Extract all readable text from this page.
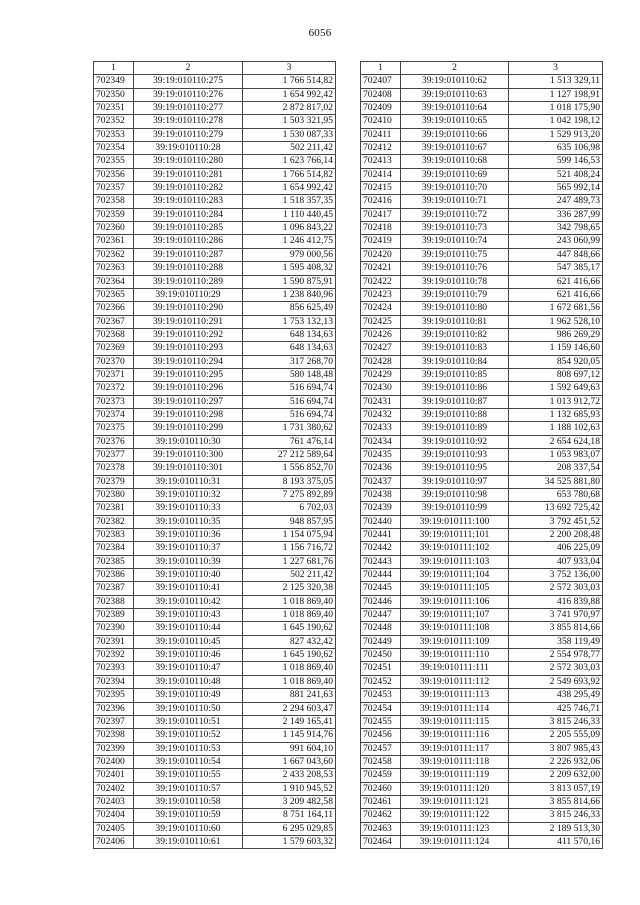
6056
1	2	3
702349	39:19:010110:275	1 766 514,82
702350	39:19:010110:276	1 654 992,42
702351	39:19:010110:277	2 872 817,02
702352	39:19:010110:278	1 503 321,95
702353	39:19:010110:279	1 530 087,33
702354	39:19:010110:28	502 211,42
702355	39:19:010110:280	1 623 766,14
702356	39:19:010110:281	1 766 514,82
702357	39:19:010110:282	1 654 992,42
702358	39:19:010110:283	1 518 357,35
702359	39:19:010110:284	1 110 440,45
702360	39:19:010110:285	1 096 843,22
702361	39:19:010110:286	1 246 412,75
702362	39:19:010110:287	979 000,56
702363	39:19:010110:288	1 595 408,32
702364	39:19:010110:289	1 590 875,91
702365	39:19:010110:29	1 238 840,96
702366	39:19:010110:290	856 625,49
702367	39:19:010110:291	1 753 132,13
702368	39:19:010110:292	648 134,63
702369	39:19:010110:293	648 134,63
702370	39:19:010110:294	317 268,70
702371	39:19:010110:295	580 148,48
702372	39:19:010110:296	516 694,74
702373	39:19:010110:297	516 694,74
702374	39:19:010110:298	516 694,74
702375	39:19:010110:299	1 731 380,62
702376	39:19:010110:30	761 476,14
702377	39:19:010110:300	27 212 589,64
702378	39:19:010110:301	1 556 852,70
702379	39:19:010110:31	8 193 375,05
702380	39:19:010110:32	7 275 892,89
702381	39:19:010110:33	6 702,03
702382	39:19:010110:35	948 857,95
702383	39:19:010110:36	1 154 075,94
702384	39:19:010110:37	1 156 716,72
702385	39:19:010110:39	1 227 681,76
702386	39:19:010110:40	502 211,42
702387	39:19:010110:41	2 125 320,38
702388	39:19:010110:42	1 018 869,40
702389	39:19:010110:43	1 018 869,40
702390	39:19:010110:44	1 645 190,62
702391	39:19:010110:45	827 432,42
702392	39:19:010110:46	1 645 190,62
702393	39:19:010110:47	1 018 869,40
702394	39:19:010110:48	1 018 869,40
702395	39:19:010110:49	881 241,63
702396	39:19:010110:50	2 294 603,47
702397	39:19:010110:51	2 149 165,41
702398	39:19:010110:52	1 145 914,76
702399	39:19:010110:53	991 604,10
702400	39:19:010110:54	1 667 043,60
702401	39:19:010110:55	2 433 208,53
702402	39:19:010110:57	1 910 945,52
702403	39:19:010110:58	3 209 482,58
702404	39:19:010110:59	8 751 164,11
702405	39:19:010110:60	6 295 029,85
702406	39:19:010110:61	1 579 603,32
1	2	3
702407	39:19:010110:62	1 513 329,11
702408	39:19:010110:63	1 127 198,91
702409	39:19:010110:64	1 018 175,90
702410	39:19:010110:65	1 042 198,12
702411	39:19:010110:66	1 529 913,20
702412	39:19:010110:67	635 106,98
702413	39:19:010110:68	599 146,53
702414	39:19:010110:69	521 408,24
702415	39:19:010110:70	565 992,14
702416	39:19:010110:71	247 489,73
702417	39:19:010110:72	336 287,99
702418	39:19:010110:73	342 798,65
702419	39:19:010110:74	243 060,99
702420	39:19:010110:75	447 848,66
702421	39:19:010110:76	547 385,17
702422	39:19:010110:78	621 416,66
702423	39:19:010110:79	621 416,66
702424	39:19:010110:80	1 672 681,56
702425	39:19:010110:81	1 962 528,10
702426	39:19:010110:82	986 269,29
702427	39:19:010110:83	1 159 146,60
702428	39:19:010110:84	854 920,05
702429	39:19:010110:85	808 697,12
702430	39:19:010110:86	1 592 649,63
702431	39:19:010110:87	1 013 912,72
702432	39:19:010110:88	1 132 685,93
702433	39:19:010110:89	1 188 102,63
702434	39:19:010110:92	2 654 624,18
702435	39:19:010110:93	1 053 983,07
702436	39:19:010110:95	208 337,54
702437	39:19:010110:97	34 525 881,80
702438	39:19:010110:98	653 780,68
702439	39:19:010110:99	13 692 725,42
702440	39:19:010111:100	3 792 451,52
702441	39:19:010111:101	2 200 208,48
702442	39:19:010111:102	406 225,09
702443	39:19:010111:103	407 933,04
702444	39:19:010111:104	3 752 136,00
702445	39:19:010111:105	2 572 303,03
702446	39:19:010111:106	416 839,88
702447	39:19:010111:107	3 741 970,97
702448	39:19:010111:108	3 855 814,66
702449	39:19:010111:109	358 119,49
702450	39:19:010111:110	2 554 978,77
702451	39:19:010111:111	2 572 303,03
702452	39:19:010111:112	2 549 693,92
702453	39:19:010111:113	438 295,49
702454	39:19:010111:114	425 746,71
702455	39:19:010111:115	3 815 246,33
702456	39:19:010111:116	2 205 555,09
702457	39:19:010111:117	3 807 985,43
702458	39:19:010111:118	2 226 932,06
702459	39:19:010111:119	2 209 632,00
702460	39:19:010111:120	3 813 057,19
702461	39:19:010111:121	3 855 814,66
702462	39:19:010111:122	3 815 246,33
702463	39:19:010111:123	2 189 513,30
702464	39:19:010111:124	411 570,16
